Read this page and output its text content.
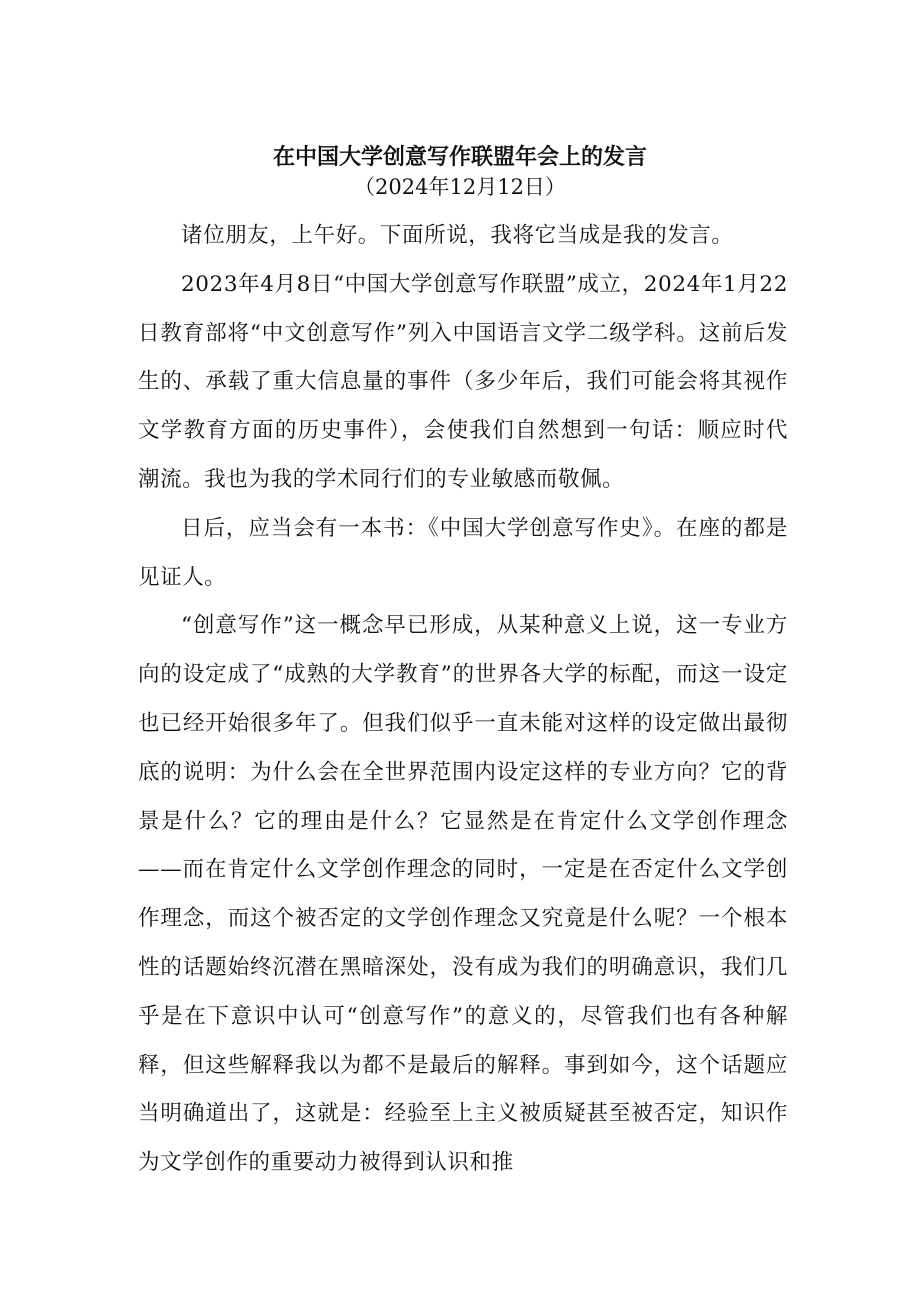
在中国大学创意写作联盟年会上的发言
（2024年12月12日）

诸位朋友，上午好。下面所说，我将它当成是我的发言。

2023年4月8日“中国大学创意写作联盟”成立，2024年1月22日教育部将“中文创意写作”列入中国语言文学二级学科。这前后发生的、承载了重大信息量的事件（多少年后，我们可能会将其视作文学教育方面的历史事件），会使我们自然想到一句话：顺应时代潮流。我也为我的学术同行们的专业敏感而敬佩。

日后，应当会有一本书：《中国大学创意写作史》。在座的都是见证人。

“创意写作”这一概念早已形成，从某种意义上说，这一专业方向的设定成了“成熟的大学教育”的世界各大学的标配，而这一设定也已经开始很多年了。但我们似乎一直未能对这样的设定做出最彻底的说明：为什么会在全世界范围内设定这样的专业方向？它的背景是什么？它的理由是什么？它显然是在肯定什么文学创作理念——而在肯定什么文学创作理念的同时，一定是在否定什么文学创作理念，而这个被否定的文学创作理念又究竟是什么呢？一个根本性的话题始终沉潜在黑暗深处，没有成为我们的明确意识，我们几乎是在下意识中认可“创意写作”的意义的，尽管我们也有各种解释，但这些解释我以为都不是最后的解释。事到如今，这个话题应当明确道出了，这就是：经验至上主义被质疑甚至被否定，知识作为文学创作的重要动力被得到认识和推
